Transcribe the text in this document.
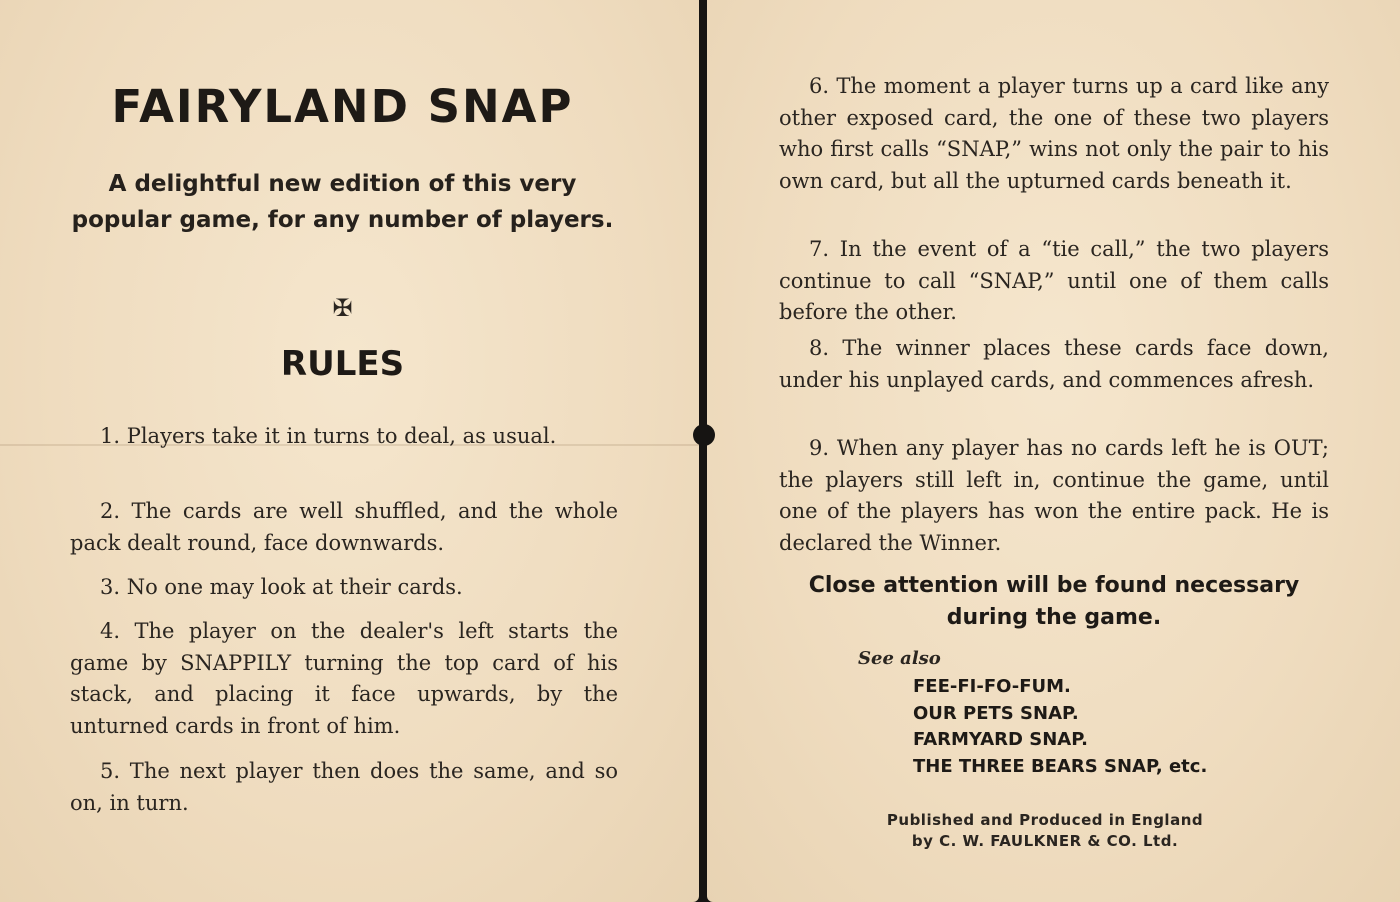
FAIRYLAND SNAP

A delightful new edition of this very popular game, for any number of players.

✠
RULES

1. Players take it in turns to deal, as usual.

2. The cards are well shuffled, and the whole pack dealt round, face downwards.

3. No one may look at their cards.

4. The player on the dealer's left starts the game by SNAPPILY turning the top card of his stack, and placing it face upwards, by the unturned cards in front of him.

5. The next player then does the same, and so on, in turn.

6. The moment a player turns up a card like any other exposed card, the one of these two players who first calls “SNAP,” wins not only the pair to his own card, but all the upturned cards beneath it.

7. In the event of a “tie call,” the two players continue to call “SNAP,” until one of them calls before the other.

8. The winner places these cards face down, under his unplayed cards, and commences afresh.

9. When any player has no cards left he is OUT; the players still left in, continue the game, until one of the players has won the entire pack. He is declared the Winner.

Close attention will be found necessary during the game.

See also

FEE-FI-FO-FUM.
OUR PETS SNAP.
FARMYARD SNAP.
THE THREE BEARS SNAP, etc.
Published and Produced in England
by C. W. FAULKNER & CO. Ltd.
